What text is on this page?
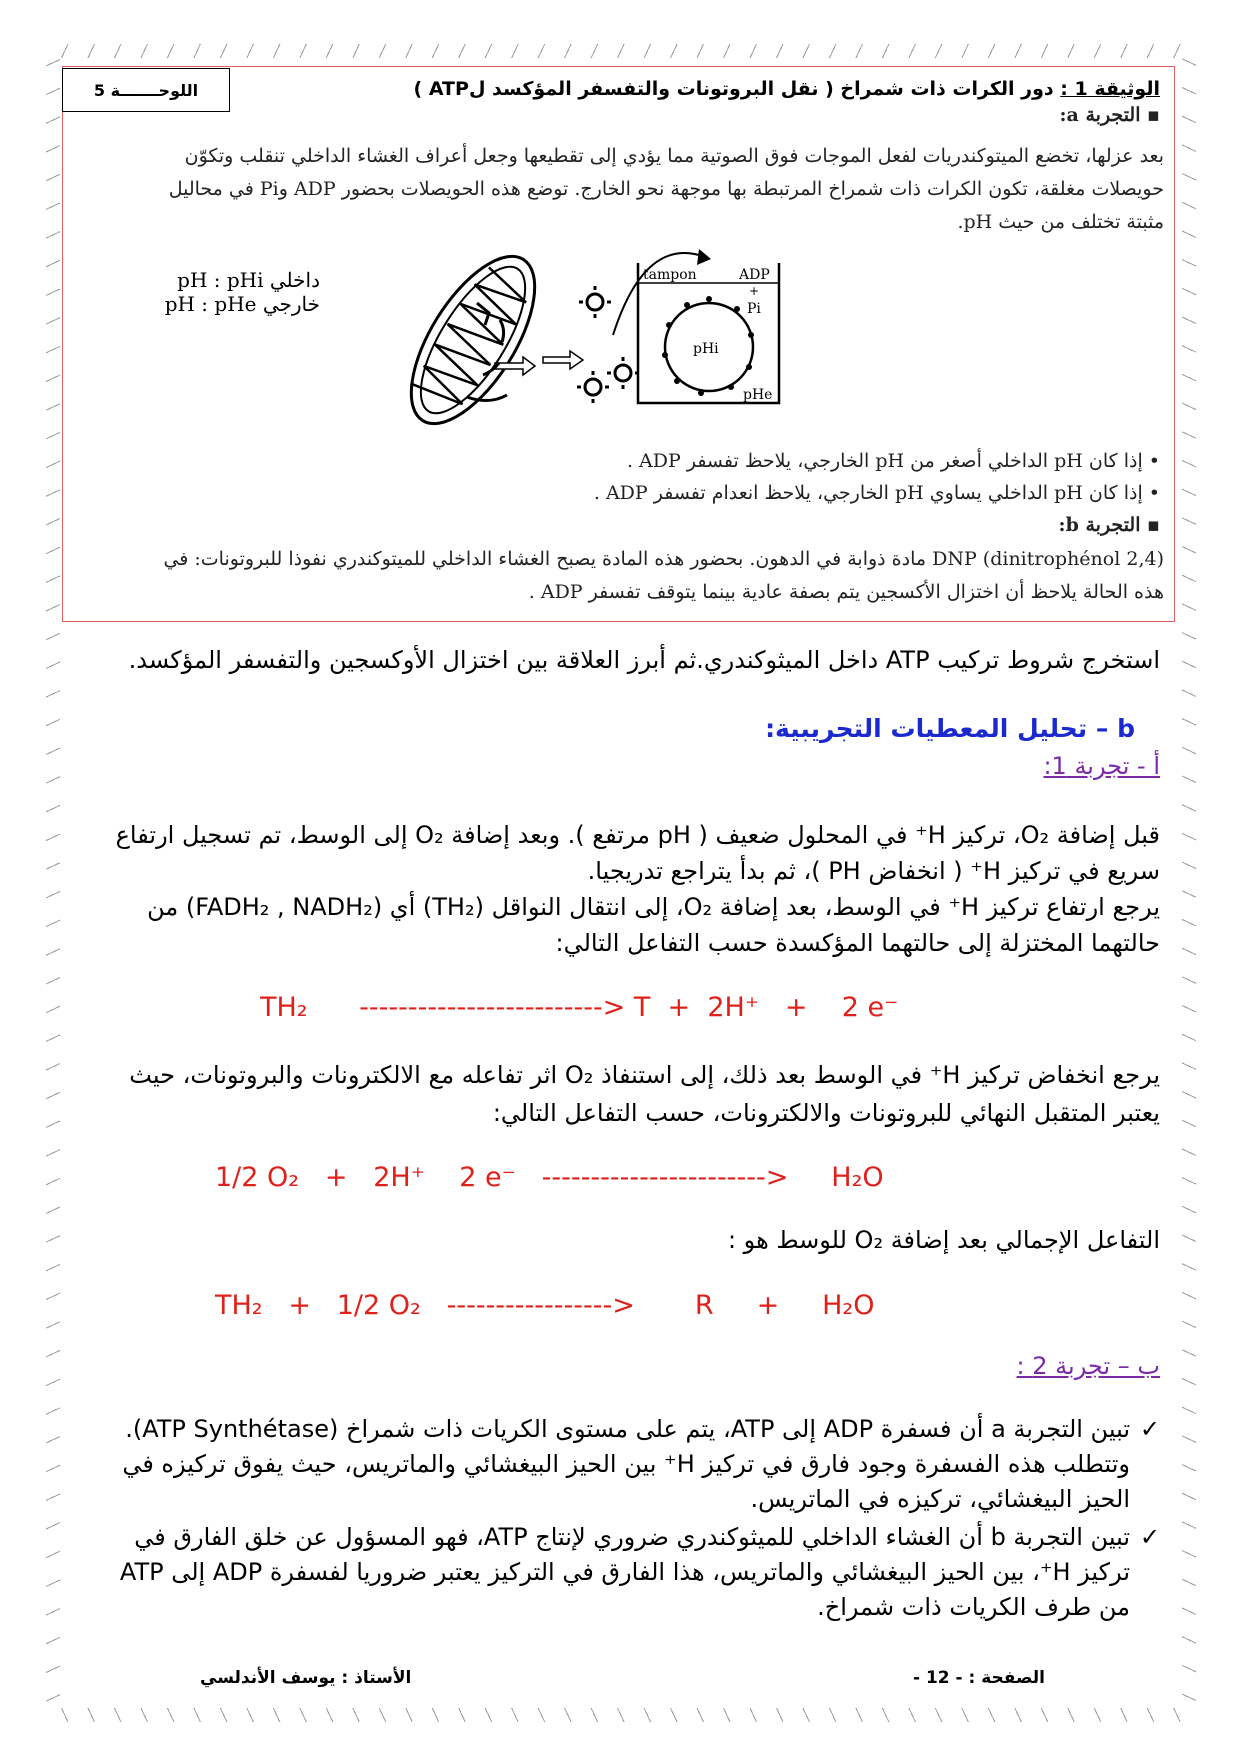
اللوحـــــــة 5	الوثيقة 1 : دور الكرات ذات شمراخ ( نقل البروتونات والتفسفر المؤكسد لATP )
▪ التجربة a:
بعد عزلها، تخضع الميتوكندريات لفعل الموجات فوق الصوتية مما يؤدي إلى تقطيعها وجعل أعراف الغشاء الداخلي تنقلب وتكوّن حويصلات مغلقة، تكون الكرات ذات شمراخ المرتبطة بها موجهة نحو الخارج. توضع هذه الحويصلات بحضور ADP وPi في محاليل مثبتة تختلف من حيث pH.
pH : pHi داخلي
pH : pHe خارجي
tampon	ADP
+
Pi
pHi
pHe
• إذا كان pH الداخلي أصغر من pH الخارجي، يلاحظ تفسفر ADP .
• إذا كان pH الداخلي يساوي pH الخارجي، يلاحظ انعدام تفسفر ADP .
▪ التجربة b:
(2,4 dinitrophénol) DNP مادة ذوابة في الدهون. بحضور هذه المادة يصبح الغشاء الداخلي للميتوكندري نفوذا للبروتونات: في هذه الحالة يلاحظ أن اختزال الأكسجين يتم بصفة عادية بينما يتوقف تفسفر ADP .
استخرج شروط تركيب ATP داخل الميثوكندري.ثم أبرز العلاقة بين اختزال الأوكسجين والتفسفر المؤكسد.
b – تحليل المعطيات التجريبية:
أ - تجربة 1:
قبل إضافة O₂، تركيز H⁺ في المحلول ضعيف ( pH مرتفع ). وبعد إضافة O₂ إلى الوسط، تم تسجيل ارتفاع سريع في تركيز H⁺ ( انخفاض PH )، ثم بدأ يتراجع تدريجيا.
يرجع ارتفاع تركيز H⁺ في الوسط، بعد إضافة O₂، إلى انتقال النواقل (TH₂) أي (FADH₂ , NADH₂) من حالتهما المختزلة إلى حالتهما المؤكسدة حسب التفاعل التالي:
TH₂      -------------------------> T  +  2H⁺   +    2 e⁻
يرجع انخفاض تركيز H⁺ في الوسط بعد ذلك، إلى استنفاذ O₂ اثر تفاعله مع الالكترونات والبروتونات، حيث يعتبر المتقبل النهائي للبروتونات والالكترونات، حسب التفاعل التالي:
1/2 O₂   +   2H⁺    2 e⁻   ----------------------->     H₂O
التفاعل الإجمالي بعد إضافة O₂ للوسط هو :
TH₂   +   1/2 O₂   ----------------->       R     +     H₂O
ب – تجربة 2 :
✓
تبين التجربة a أن فسفرة ADP إلى ATP، يتم على مستوى الكريات ذات شمراخ (ATP Synthétase). وتتطلب هذه الفسفرة وجود فارق في تركيز H⁺ بين الحيز البيغشائي والماتريس، حيث يفوق تركيزه في الحيز البيغشائي، تركيزه في الماتريس.
✓
تبين التجربة b أن الغشاء الداخلي للميثوكندري ضروري لإنتاج ATP، فهو المسؤول عن خلق الفارق في تركيز H⁺، بين الحيز البيغشائي والماتريس، هذا الفارق في التركيز يعتبر ضروريا لفسفرة ADP إلى ATP من طرف الكريات ذات شمراخ.
الصفحة : - 12 -
الأستاذ : يوسف الأندلسي
